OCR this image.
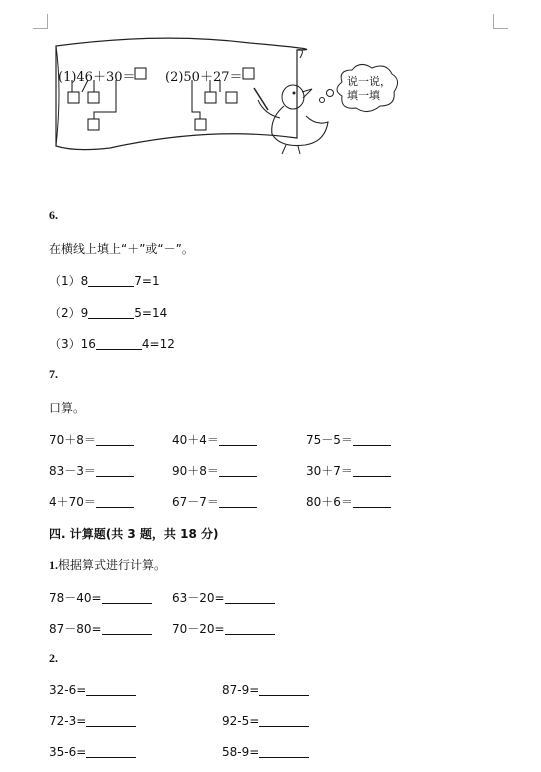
(1)46＋30＝ (2)50＋27＝	说一说，
填一填
6.
在横线上填上“＋”或“－”。
（1）8	7=1
（2）9	5=14
（3）16	4=12
7.
口算。
70＋8＝	40＋4＝	75－5＝
83－3＝	90＋8＝	30＋7＝
4＋70＝	67－7＝	80＋6＝
四. 计算题(共 3 题，共 18 分)
1.根据算式进行计算。
78－40=	63－20=
87－80=	70－20=
2.
32-6=	87-9=
72-3=	92-5=
35-6=	58-9=
